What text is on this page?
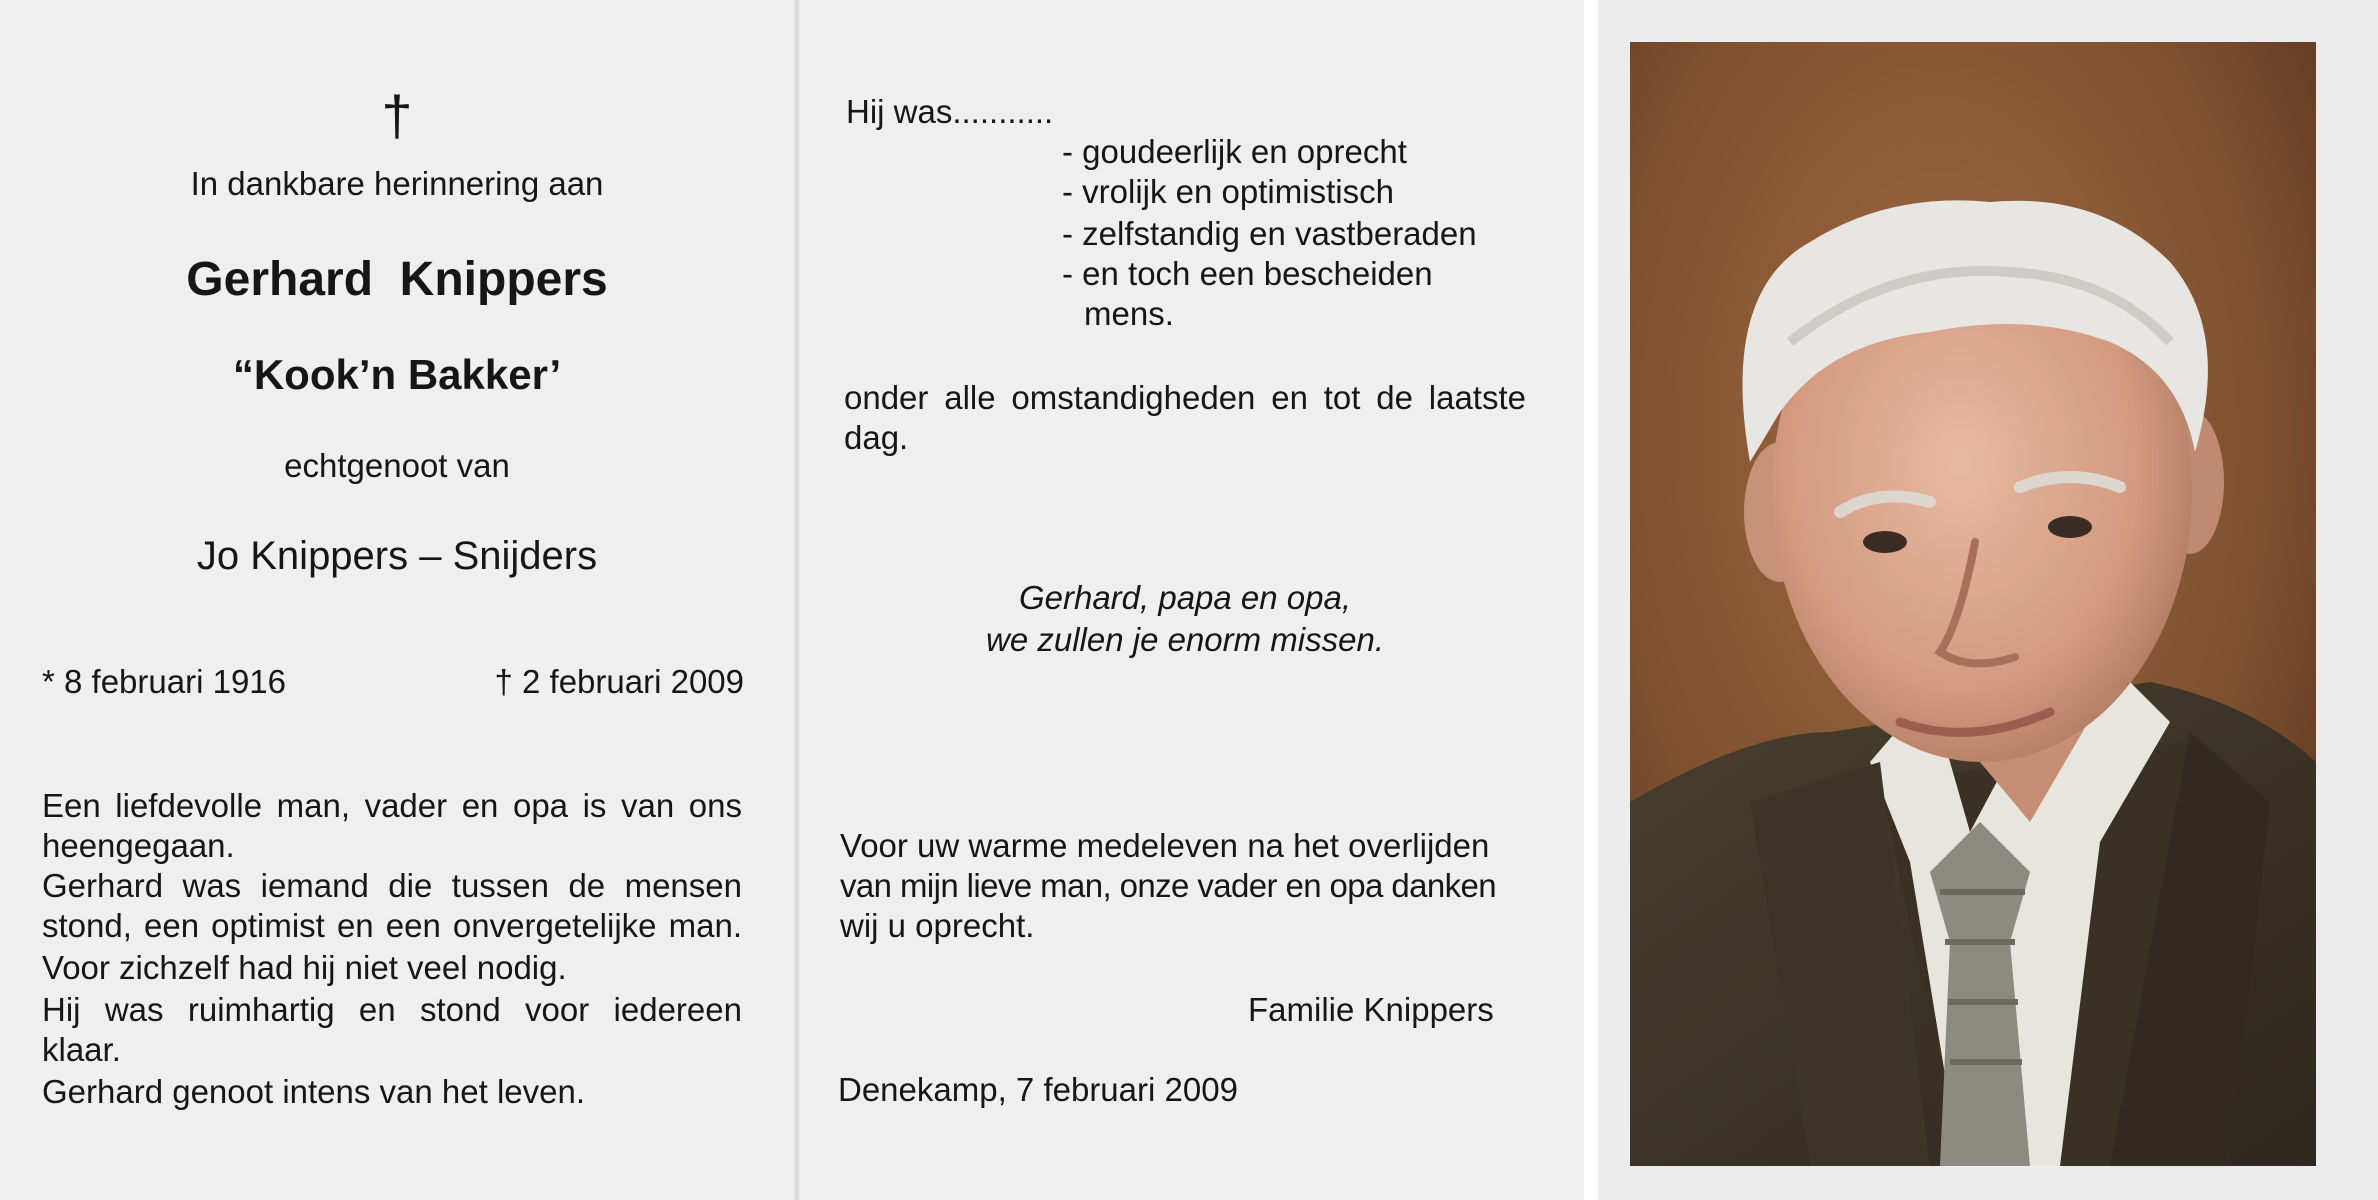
†
In dankbare herinnering aan
Gerhard  Knippers
“Kook’n Bakker’
echtgenoot van
Jo Knippers – Snijders
* 8 februari 1916	† 2 februari 2009
Een liefdevolle man, vader en opa is van ons
heengegaan.
Gerhard was iemand die tussen de mensen
stond, een optimist en een onvergetelijke man.
Voor zichzelf had hij niet veel nodig.
Hij was ruimhartig en stond voor iedereen
klaar.
Gerhard genoot intens van het leven.
Hij was...........
- goudeerlijk en oprecht
- vrolijk en optimistisch
- zelfstandig en vastberaden
- en toch een bescheiden
mens.
onder alle omstandigheden en tot de laatste
dag.
Gerhard, papa en opa,
we zullen je enorm missen.
Voor uw warme medeleven na het overlijden
van mijn lieve man, onze vader en opa danken
wij u oprecht.
Familie Knippers
Denekamp, 7 februari 2009
